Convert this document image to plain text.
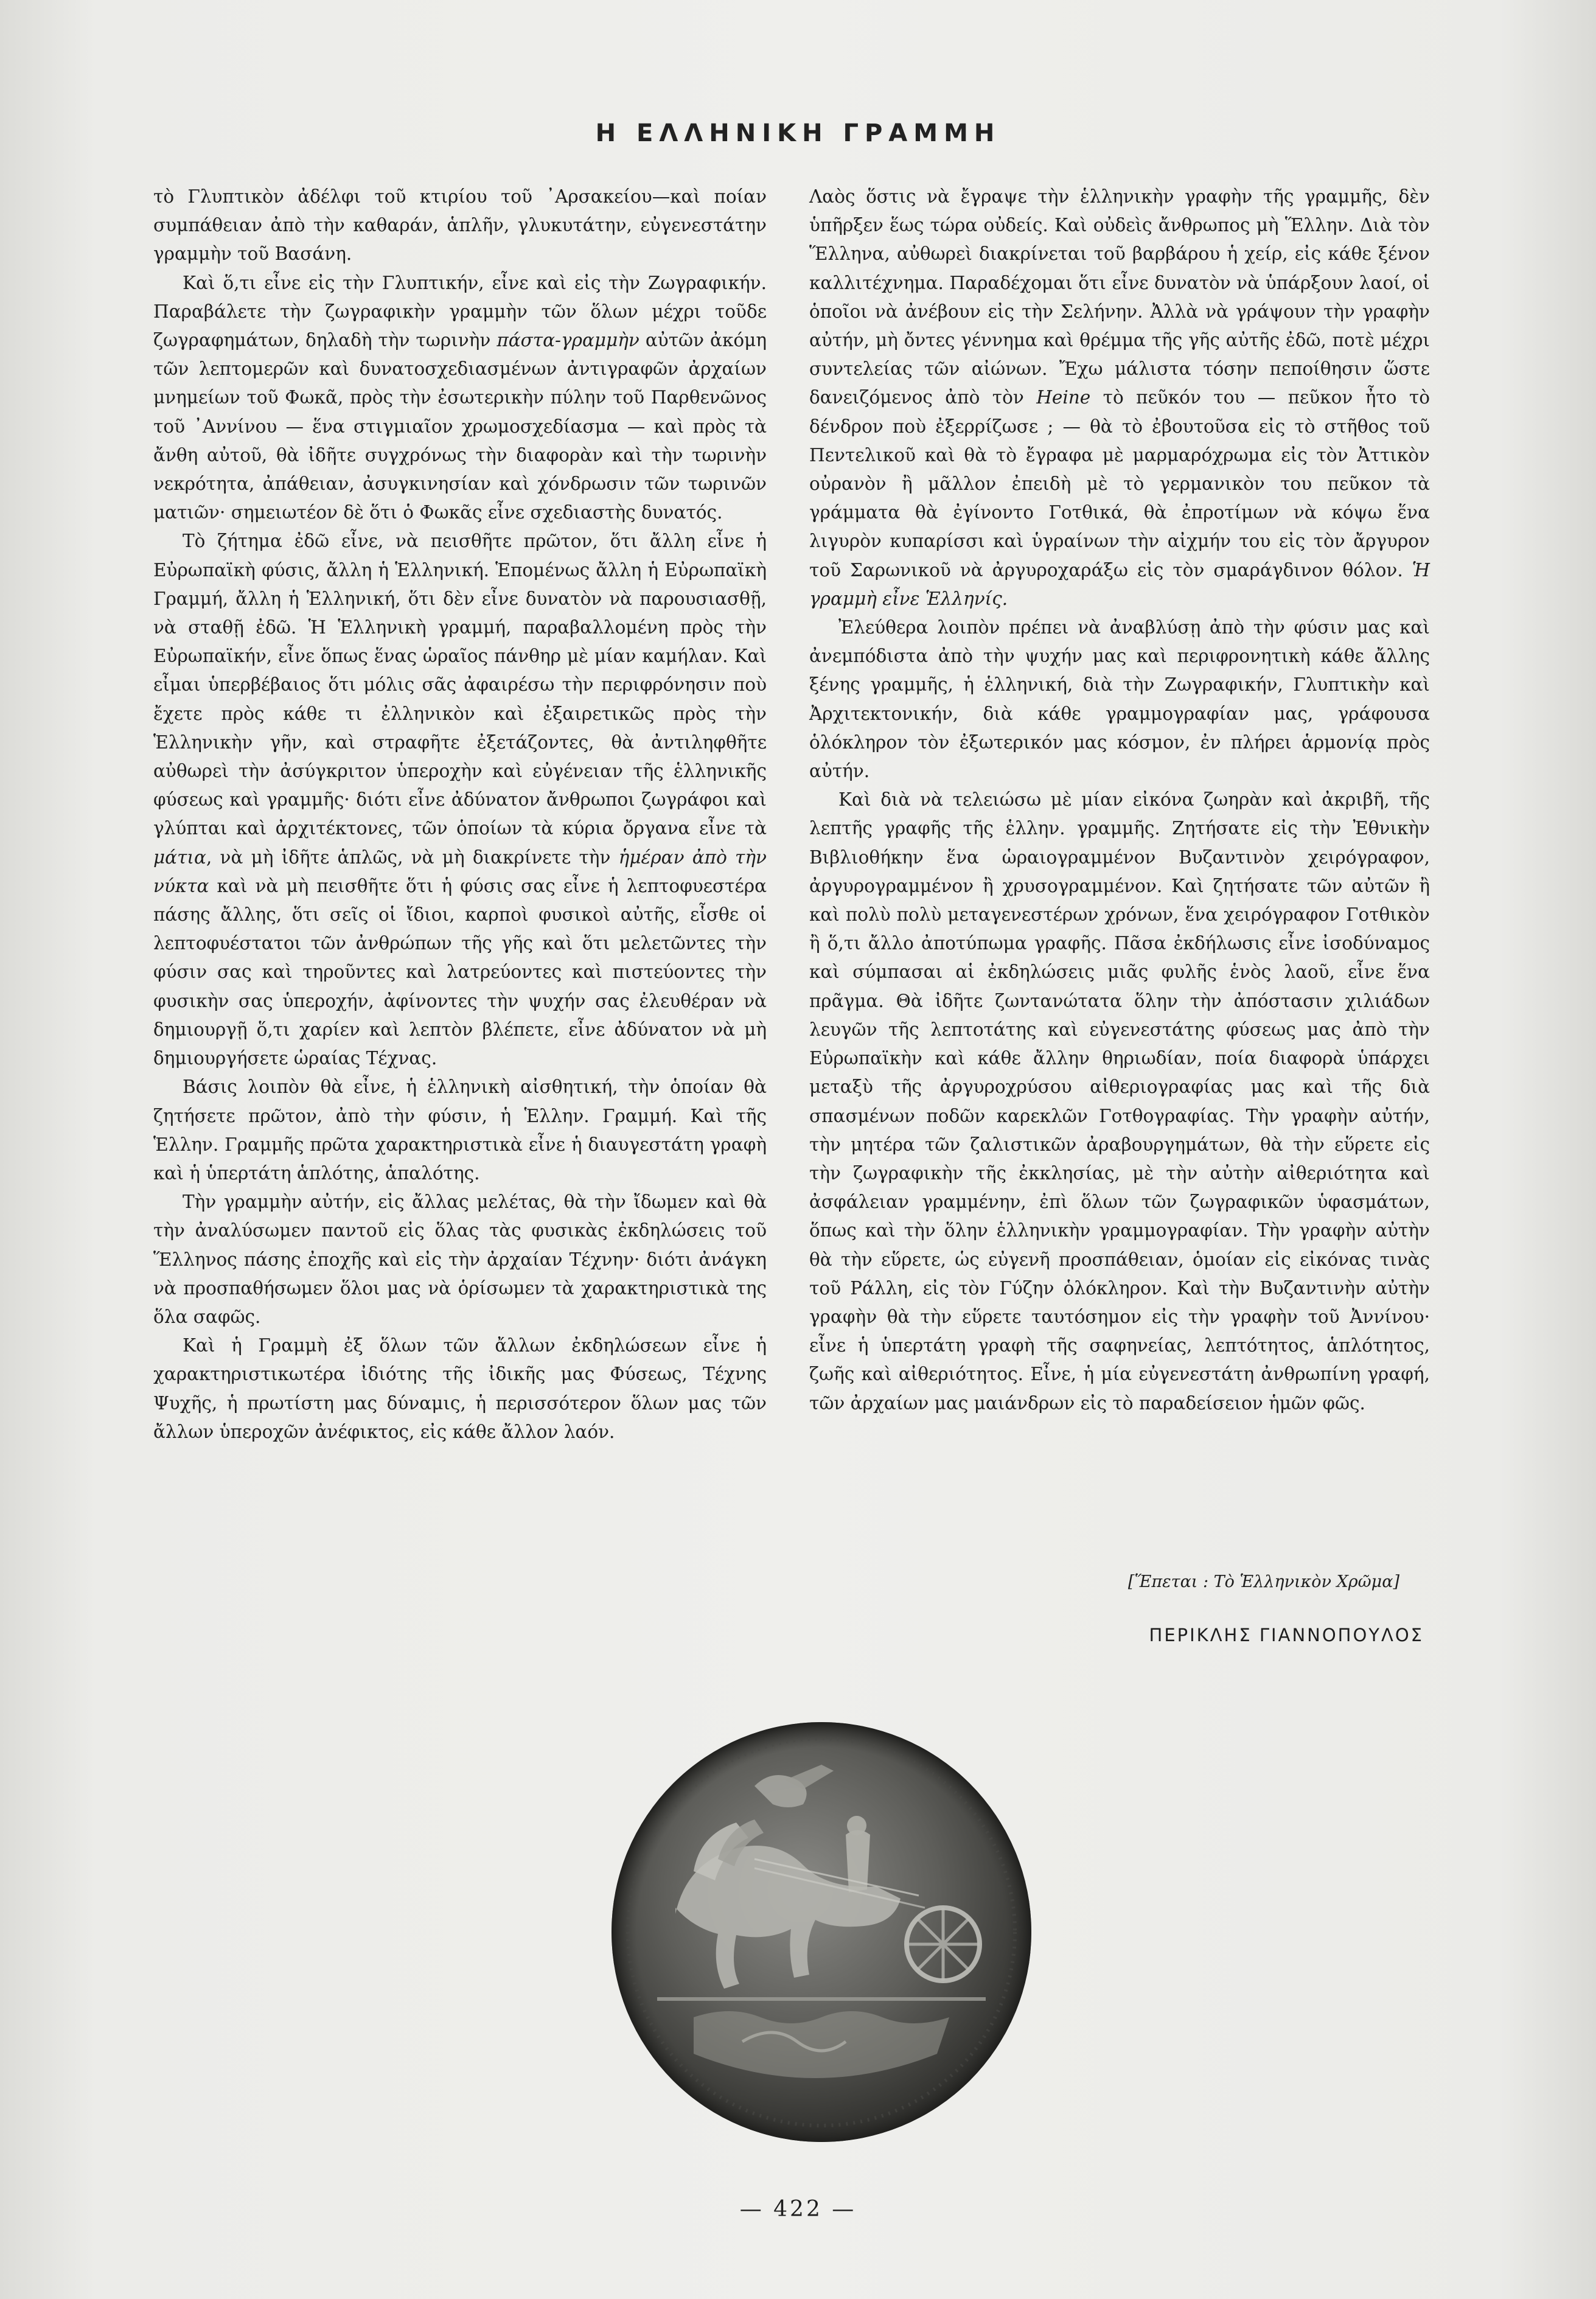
Η ΕΛΛΗΝΙΚΗ ΓΡΑΜΜΗ

τὸ Γλυπτικὸν ἀδέλφι τοῦ κτιρίου τοῦ ᾿Αρσακείου—καὶ ποίαν συμπάθειαν ἀπὸ τὴν καθαράν, ἁπλῆν, γλυκυτάτην, εὐγενεστάτην γραμμὴν τοῦ Βασάνη.

Καὶ ὅ,τι εἶνε εἰς τὴν Γλυπτικήν, εἶνε καὶ εἰς τὴν Ζωγραφικήν. Παραβάλετε τὴν ζωγραφικὴν γραμμὴν τῶν ὅλων μέχρι τοῦδε ζωγραφημάτων, δηλαδὴ τὴν τωρινὴν πάστα-γραμμὴν αὐτῶν ἀκόμη τῶν λεπτομερῶν καὶ δυνατοσχεδιασμένων ἀντιγραφῶν ἀρχαίων μνημείων τοῦ Φωκᾶ, πρὸς τὴν ἐσωτερικὴν πύλην τοῦ Παρθενῶνος τοῦ ᾿Αννίνου — ἕνα στιγμιαῖον χρωμοσχεδίασμα — καὶ πρὸς τὰ ἄνθη αὐτοῦ, θὰ ἰδῆτε συγχρόνως τὴν διαφορὰν καὶ τὴν τωρινὴν νεκρότητα, ἀπάθειαν, ἀσυγκινησίαν καὶ χόνδρωσιν τῶν τωρινῶν ματιῶν· σημειωτέον δὲ ὅτι ὁ Φωκᾶς εἶνε σχεδιαστὴς δυνατός.

Τὸ ζήτημα ἐδῶ εἶνε, νὰ πεισθῆτε πρῶτον, ὅτι ἄλλη εἶνε ἡ Εὐρωπαϊκὴ φύσις, ἄλλη ἡ Ἑλληνική. Ἑπομένως ἄλλη ἡ Εὐρωπαϊκὴ Γραμμή, ἄλλη ἡ Ἑλληνική, ὅτι δὲν εἶνε δυνατὸν νὰ παρουσιασθῇ, νὰ σταθῇ ἐδῶ. Ἡ Ἑλληνικὴ γραμμή, παραβαλλομένη πρὸς τὴν Εὐρωπαϊκήν, εἶνε ὅπως ἕνας ὡραῖος πάνθηρ μὲ μίαν καμήλαν. Καὶ εἶμαι ὑπερβέβαιος ὅτι μόλις σᾶς ἀφαιρέσω τὴν περιφρόνησιν ποὺ ἔχετε πρὸς κάθε τι ἐλληνικὸν καὶ ἐξαιρετικῶς πρὸς τὴν Ἑλληνικὴν γῆν, καὶ στραφῆτε ἐξετάζοντες, θὰ ἀντιληφθῆτε αὐθωρεὶ τὴν ἀσύγκριτον ὑπεροχὴν καὶ εὐγένειαν τῆς ἑλληνικῆς φύσεως καὶ γραμμῆς· διότι εἶνε ἀδύνατον ἄνθρωποι ζωγράφοι καὶ γλύπται καὶ ἀρχιτέκτονες, τῶν ὁποίων τὰ κύρια ὄργανα εἶνε τὰ μάτια, νὰ μὴ ἰδῆτε ἁπλῶς, νὰ μὴ διακρίνετε τὴν ἡμέραν ἀπὸ τὴν νύκτα καὶ νὰ μὴ πεισθῆτε ὅτι ἡ φύσις σας εἶνε ἡ λεπτοφυεστέρα πάσης ἄλλης, ὅτι σεῖς οἱ ἴδιοι, καρποὶ φυσικοὶ αὐτῆς, εἶσθε οἱ λεπτοφυέστατοι τῶν ἀνθρώπων τῆς γῆς καὶ ὅτι μελετῶντες τὴν φύσιν σας καὶ τηροῦντες καὶ λατρεύοντες καὶ πιστεύοντες τὴν φυσικὴν σας ὑπεροχήν, ἀφίνοντες τὴν ψυχήν σας ἐλευθέραν νὰ δημιουργῇ ὅ,τι χαρίεν καὶ λεπτὸν βλέπετε, εἶνε ἀδύνατον νὰ μὴ δημιουργήσετε ὡραίας Τέχνας.

Βάσις λοιπὸν θὰ εἶνε, ἡ ἑλληνικὴ αἰσθητική, τὴν ὁποίαν θὰ ζητήσετε πρῶτον, ἀπὸ τὴν φύσιν, ἡ Ἑλλην. Γραμμή. Καὶ τῆς Ἑλλην. Γραμμῆς πρῶτα χαρακτηριστικὰ εἶνε ἡ διαυγεστάτη γραφὴ καὶ ἡ ὑπερτάτη ἁπλότης, ἁπαλότης.

Τὴν γραμμὴν αὐτήν, εἰς ἄλλας μελέτας, θὰ τὴν ἴδωμεν καὶ θὰ τὴν ἀναλύσωμεν παντοῦ εἰς ὅλας τὰς φυσικὰς ἐκδηλώσεις τοῦ Ἕλληνος πάσης ἐποχῆς καὶ εἰς τὴν ἀρχαίαν Τέχνην· διότι ἀνάγκη νὰ προσπαθήσωμεν ὅλοι μας νὰ ὁρίσωμεν τὰ χαρακτηριστικὰ της ὅλα σαφῶς.

Καὶ ἡ Γραμμὴ ἐξ ὅλων τῶν ἄλλων ἐκδηλώσεων εἶνε ἡ χαρακτηριστικωτέρα ἰδιότης τῆς ἰδικῆς μας Φύσεως, Τέχνης Ψυχῆς, ἡ πρωτίστη μας δύναμις, ἡ περισσότερον ὅλων μας τῶν ἄλλων ὑπεροχῶν ἀνέφικτος, εἰς κάθε ἄλλον λαόν.

Λαὸς ὅστις νὰ ἔγραψε τὴν ἑλληνικὴν γραφὴν τῆς γραμμῆς, δὲν ὑπῆρξεν ἕως τώρα οὐδείς. Καὶ οὐδεὶς ἄνθρωπος μὴ Ἕλλην. Διὰ τὸν Ἕλληνα, αὐθωρεὶ διακρίνεται τοῦ βαρβάρου ἡ χείρ, εἰς κάθε ξένον καλλιτέχνημα. Παραδέχομαι ὅτι εἶνε δυνατὸν νὰ ὑπάρξουν λαοί, οἱ ὁποῖοι νὰ ἀνέβουν εἰς τὴν Σελήνην. Ἀλλὰ νὰ γράψουν τὴν γραφὴν αὐτήν, μὴ ὄντες γέννημα καὶ θρέμμα τῆς γῆς αὐτῆς ἐδῶ, ποτὲ μέχρι συντελείας τῶν αἰώνων. Ἔχω μάλιστα τόσην πεποίθησιν ὥστε δανειζόμενος ἀπὸ τὸν Heine τὸ πεῦκόν του — πεῦκον ἦτο τὸ δένδρον ποὺ ἐξερρίζωσε ; — θὰ τὸ ἐβουτοῦσα εἰς τὸ στῆθος τοῦ Πεντελικοῦ καὶ θὰ τὸ ἔγραφα μὲ μαρμαρόχρωμα εἰς τὸν Ἀττικὸν οὐρανὸν ἢ μᾶλλον ἐπειδὴ μὲ τὸ γερμανικὸν του πεῦκον τὰ γράμματα θὰ ἐγίνοντο Γοτθικά, θὰ ἐπροτίμων νὰ κόψω ἕνα λιγυρὸν κυπαρίσσι καὶ ὑγραίνων τὴν αἰχμήν του εἰς τὸν ἄργυρον τοῦ Σαρωνικοῦ νὰ ἀργυροχαράξω εἰς τὸν σμαράγδινον θόλον. Ἡ γραμμὴ εἶνε Ἑλληνίς.

Ἐλεύθερα λοιπὸν πρέπει νὰ ἀναβλύσῃ ἀπὸ τὴν φύσιν μας καὶ ἀνεμπόδιστα ἀπὸ τὴν ψυχήν μας καὶ περιφρονητικὴ κάθε ἄλλης ξένης γραμμῆς, ἡ ἑλληνική, διὰ τὴν Ζωγραφικήν, Γλυπτικὴν καὶ Ἀρχιτεκτονικήν, διὰ κάθε γραμμογραφίαν μας, γράφουσα ὁλόκληρον τὸν ἐξωτερικόν μας κόσμον, ἐν πλήρει ἁρμονίᾳ πρὸς αὐτήν.

Καὶ διὰ νὰ τελειώσω μὲ μίαν εἰκόνα ζωηρὰν καὶ ἀκριβῆ, τῆς λεπτῆς γραφῆς τῆς ἑλλην. γραμμῆς. Ζητήσατε εἰς τὴν Ἐθνικὴν Βιβλιοθήκην ἕνα ὡραιογραμμένον Βυζαντινὸν χειρόγραφον, ἀργυρογραμμένον ἢ χρυσογραμμένον. Καὶ ζητήσατε τῶν αὐτῶν ἢ καὶ πολὺ πολὺ μεταγενεστέρων χρόνων, ἕνα χειρόγραφον Γοτθικὸν ἢ ὅ,τι ἄλλο ἀποτύπωμα γραφῆς. Πᾶσα ἐκδήλωσις εἶνε ἰσοδύναμος καὶ σύμπασαι αἱ ἐκδηλώσεις μιᾶς φυλῆς ἑνὸς λαοῦ, εἶνε ἕνα πρᾶγμα. Θὰ ἰδῆτε ζωντανώτατα ὅλην τὴν ἀπόστασιν χιλιάδων λευγῶν τῆς λεπτοτάτης καὶ εὐγενεστάτης φύσεως μας ἀπὸ τὴν Εὐρωπαϊκὴν καὶ κάθε ἄλλην θηριωδίαν, ποία διαφορὰ ὑπάρχει μεταξὺ τῆς ἀργυροχρύσου αἰθεριογραφίας μας καὶ τῆς διὰ σπασμένων ποδῶν καρεκλῶν Γοτθογραφίας. Τὴν γραφὴν αὐτήν, τὴν μητέρα τῶν ζαλιστικῶν ἀραβουργημάτων, θὰ τὴν εὕρετε εἰς τὴν ζωγραφικὴν τῆς ἐκκλησίας, μὲ τὴν αὐτὴν αἰθεριότητα καὶ ἀσφάλειαν γραμμένην, ἐπὶ ὅλων τῶν ζωγραφικῶν ὑφασμάτων, ὅπως καὶ τὴν ὅλην ἑλληνικὴν γραμμογραφίαν. Τὴν γραφὴν αὐτὴν θὰ τὴν εὕρετε, ὡς εὐγενῆ προσπάθειαν, ὁμοίαν εἰς εἰκόνας τινὰς τοῦ Ράλλη, εἰς τὸν Γύζην ὁλόκληρον. Καὶ τὴν Βυζαντινὴν αὐτὴν γραφὴν θὰ τὴν εὕρετε ταυτόσημον εἰς τὴν γραφὴν τοῦ Ἀννίνου· εἶνε ἡ ὑπερτάτη γραφὴ τῆς σαφηνείας, λεπτότητος, ἁπλότητος, ζωῆς καὶ αἰθεριότητος. Εἶνε, ἡ μία εὐγενεστάτη ἀνθρωπίνη γραφή, τῶν ἀρχαίων μας μαιάνδρων εἰς τὸ παραδείσειον ἡμῶν φῶς.

[Ἕπεται : Τὸ Ἑλληνικὸν Χρῶμα]
ΠΕΡΙΚΛΗΣ ΓΙΑΝΝΟΠΟΥΛΟΣ
— 422 —
